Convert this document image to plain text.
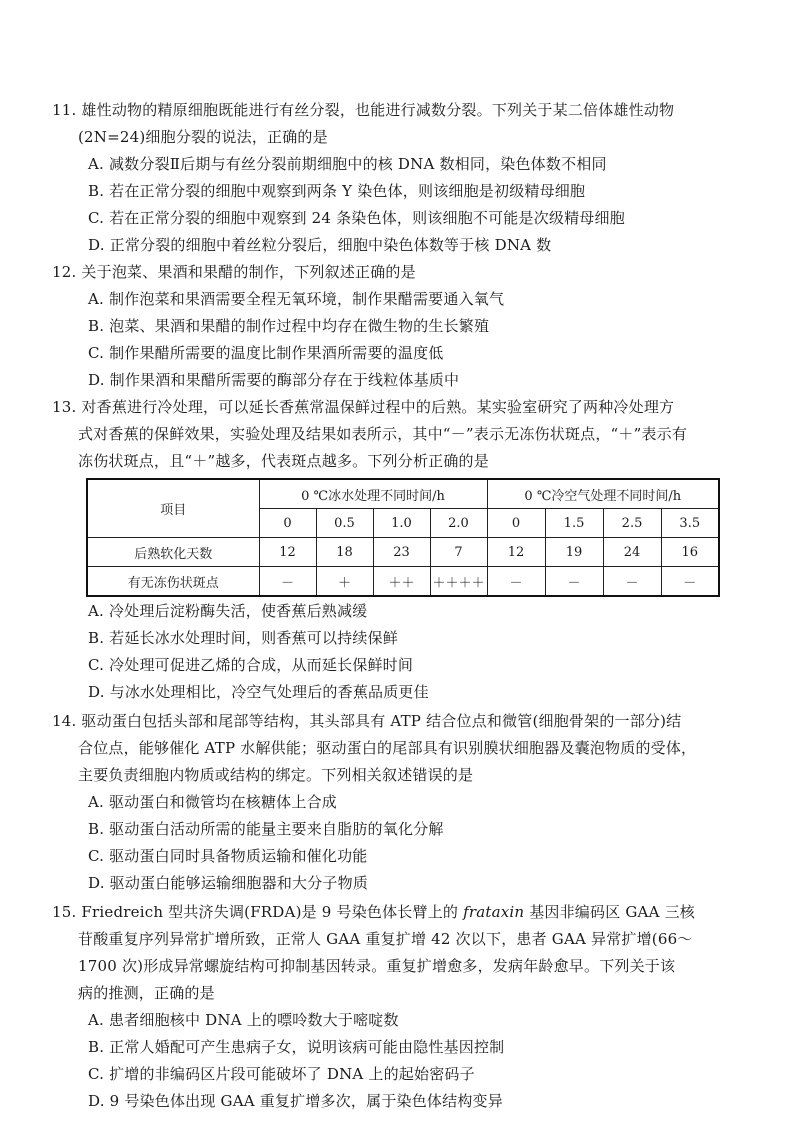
11. 雄性动物的精原细胞既能进行有丝分裂，也能进行减数分裂。下列关于某二倍体雄性动物
(2N=24)细胞分裂的说法，正确的是
A. 减数分裂Ⅱ后期与有丝分裂前期细胞中的核 DNA 数相同，染色体数不相同
B. 若在正常分裂的细胞中观察到两条 Y 染色体，则该细胞是初级精母细胞
C. 若在正常分裂的细胞中观察到 24 条染色体，则该细胞不可能是次级精母细胞
D. 正常分裂的细胞中着丝粒分裂后，细胞中染色体数等于核 DNA 数
12. 关于泡菜、果酒和果醋的制作，下列叙述正确的是
A. 制作泡菜和果酒需要全程无氧环境，制作果醋需要通入氧气
B. 泡菜、果酒和果醋的制作过程中均存在微生物的生长繁殖
C. 制作果醋所需要的温度比制作果酒所需要的温度低
D. 制作果酒和果醋所需要的酶部分存在于线粒体基质中
13. 对香蕉进行冷处理，可以延长香蕉常温保鲜过程中的后熟。某实验室研究了两种冷处理方
式对香蕉的保鲜效果，实验处理及结果如表所示，其中“－”表示无冻伤状斑点，“＋”表示有
冻伤状斑点，且“＋”越多，代表斑点越多。下列分析正确的是
项目	0 ℃冰水处理不同时间/h				0 ℃冷空气处理不同时间/h			
	0	0.5	1.0	2.0	0	1.5	2.5	3.5
后熟软化天数	12	18	23	7	12	19	24	16
有无冻伤状斑点	－	＋	＋＋	＋＋＋＋	－	－	－	－
A. 冷处理后淀粉酶失活，使香蕉后熟减缓
B. 若延长冰水处理时间，则香蕉可以持续保鲜
C. 冷处理可促进乙烯的合成，从而延长保鲜时间
D. 与冰水处理相比，冷空气处理后的香蕉品质更佳
14. 驱动蛋白包括头部和尾部等结构，其头部具有 ATP 结合位点和微管(细胞骨架的一部分)结
合位点，能够催化 ATP 水解供能；驱动蛋白的尾部具有识别膜状细胞器及囊泡物质的受体，
主要负责细胞内物质或结构的绑定。下列相关叙述错误的是
A. 驱动蛋白和微管均在核糖体上合成
B. 驱动蛋白活动所需的能量主要来自脂肪的氧化分解
C. 驱动蛋白同时具备物质运输和催化功能
D. 驱动蛋白能够运输细胞器和大分子物质
15. Friedreich 型共济失调(FRDA)是 9 号染色体长臂上的 frataxin 基因非编码区 GAA 三核
苷酸重复序列异常扩增所致，正常人 GAA 重复扩增 42 次以下，患者 GAA 异常扩增(66～
1700 次)形成异常螺旋结构可抑制基因转录。重复扩增愈多，发病年龄愈早。下列关于该
病的推测，正确的是
A. 患者细胞核中 DNA 上的嘌呤数大于嘧啶数
B. 正常人婚配可产生患病子女，说明该病可能由隐性基因控制
C. 扩增的非编码区片段可能破坏了 DNA 上的起始密码子
D. 9 号染色体出现 GAA 重复扩增多次，属于染色体结构变异
